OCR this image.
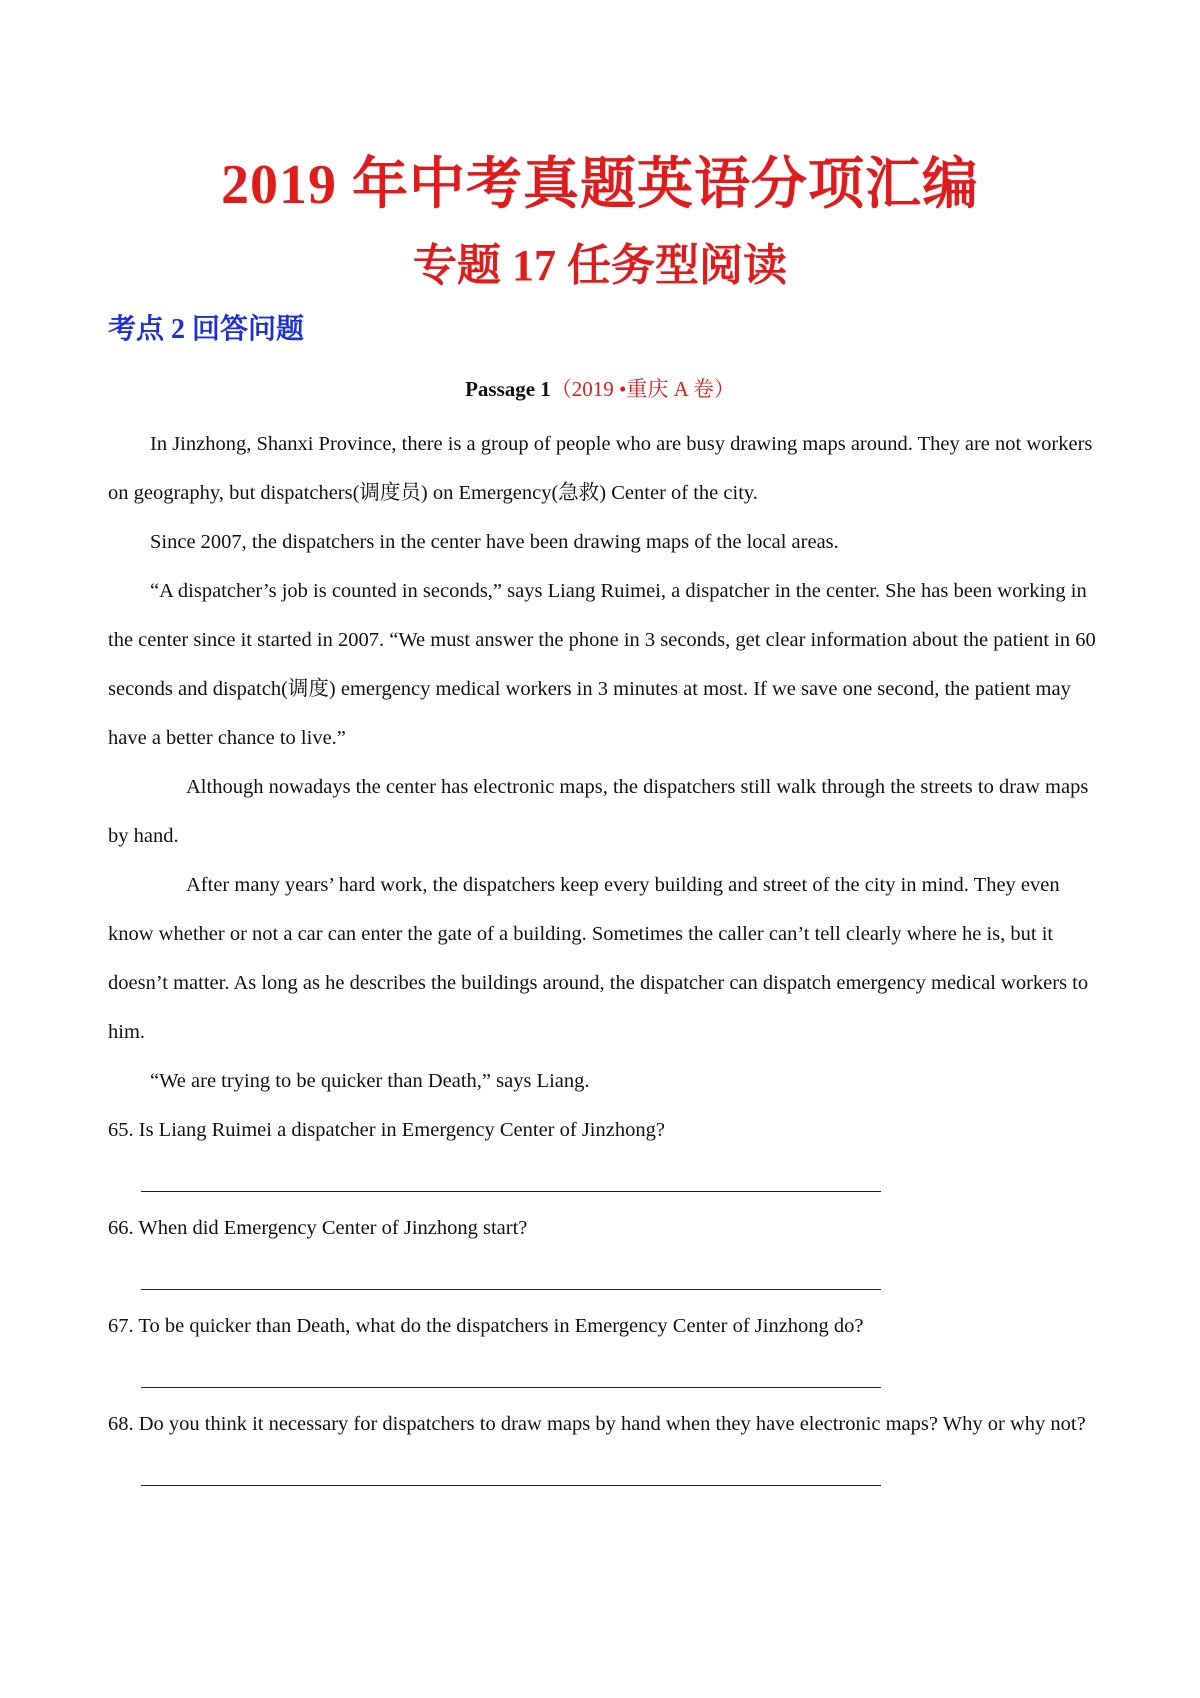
2019 年中考真题英语分项汇编
专题 17 任务型阅读
考点 2 回答问题
Passage 1（2019 •重庆 A 卷）

In Jinzhong, Shanxi Province, there is a group of people who are busy drawing maps around. They are not workers on geography, but dispatchers(调度员) on Emergency(急救) Center of the city.

Since 2007, the dispatchers in the center have been drawing maps of the local areas.

“A dispatcher’s job is counted in seconds,” says Liang Ruimei, a dispatcher in the center. She has been working in the center since it started in 2007. “We must answer the phone in 3 seconds, get clear information about the patient in 60 seconds and dispatch(调度) emergency medical workers in 3 minutes at most. If we save one second, the patient may have a better chance to live.”

Although nowadays the center has electronic maps, the dispatchers still walk through the streets to draw maps by hand.

After many years’ hard work, the dispatchers keep every building and street of the city in mind. They even know whether or not a car can enter the gate of a building. Sometimes the caller can’t tell clearly where he is, but it doesn’t matter. As long as he describes the buildings around, the dispatcher can dispatch emergency medical workers to him.

“We are trying to be quicker than Death,” says Liang.

65. Is Liang Ruimei a dispatcher in Emergency Center of Jinzhong?

66. When did Emergency Center of Jinzhong start?

67. To be quicker than Death, what do the dispatchers in Emergency Center of Jinzhong do?

68. Do you think it necessary for dispatchers to draw maps by hand when they have electronic maps? Why or why not?
